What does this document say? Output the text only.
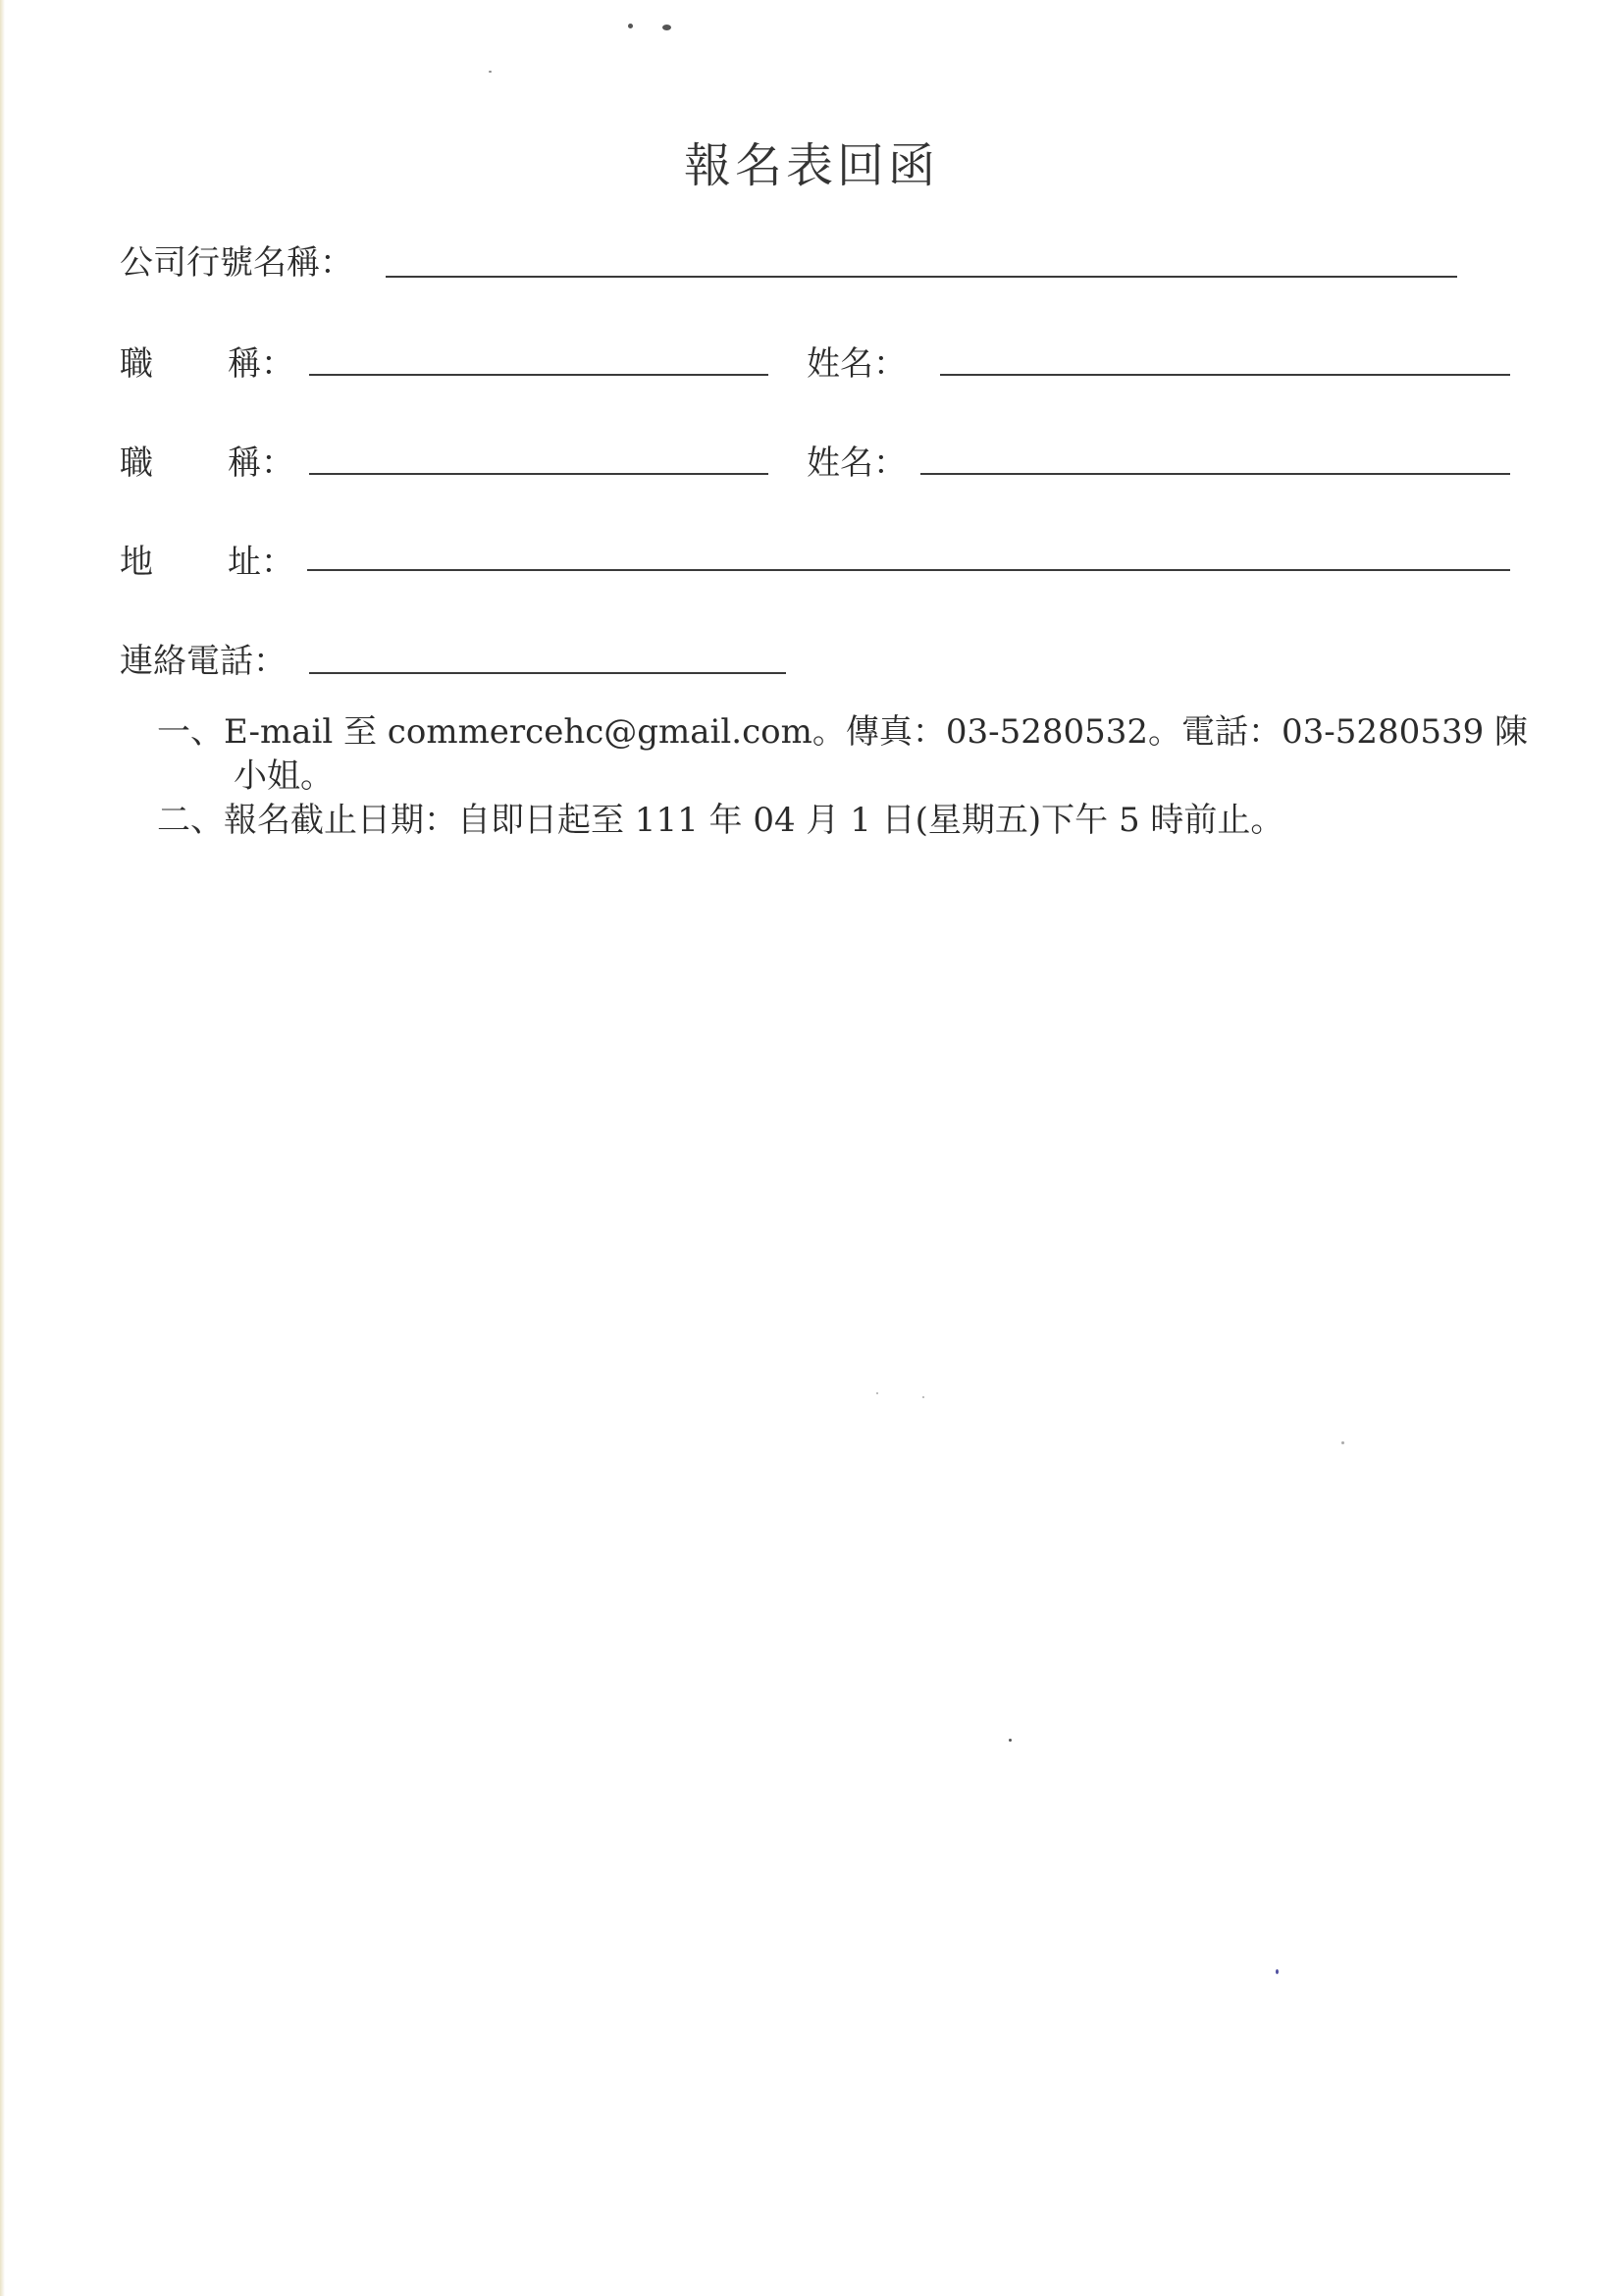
報名表回函
公司行號名稱：
職 稱：	姓名：
職 稱：	姓名：
地 址：
連絡電話：
一、E-mail 至 commercehc@gmail.com。傳真：03-5280532。電話：03-5280539 陳
小姐。
二、報名截止日期：自即日起至 111 年 04 月 1 日(星期五)下午 5 時前止。
